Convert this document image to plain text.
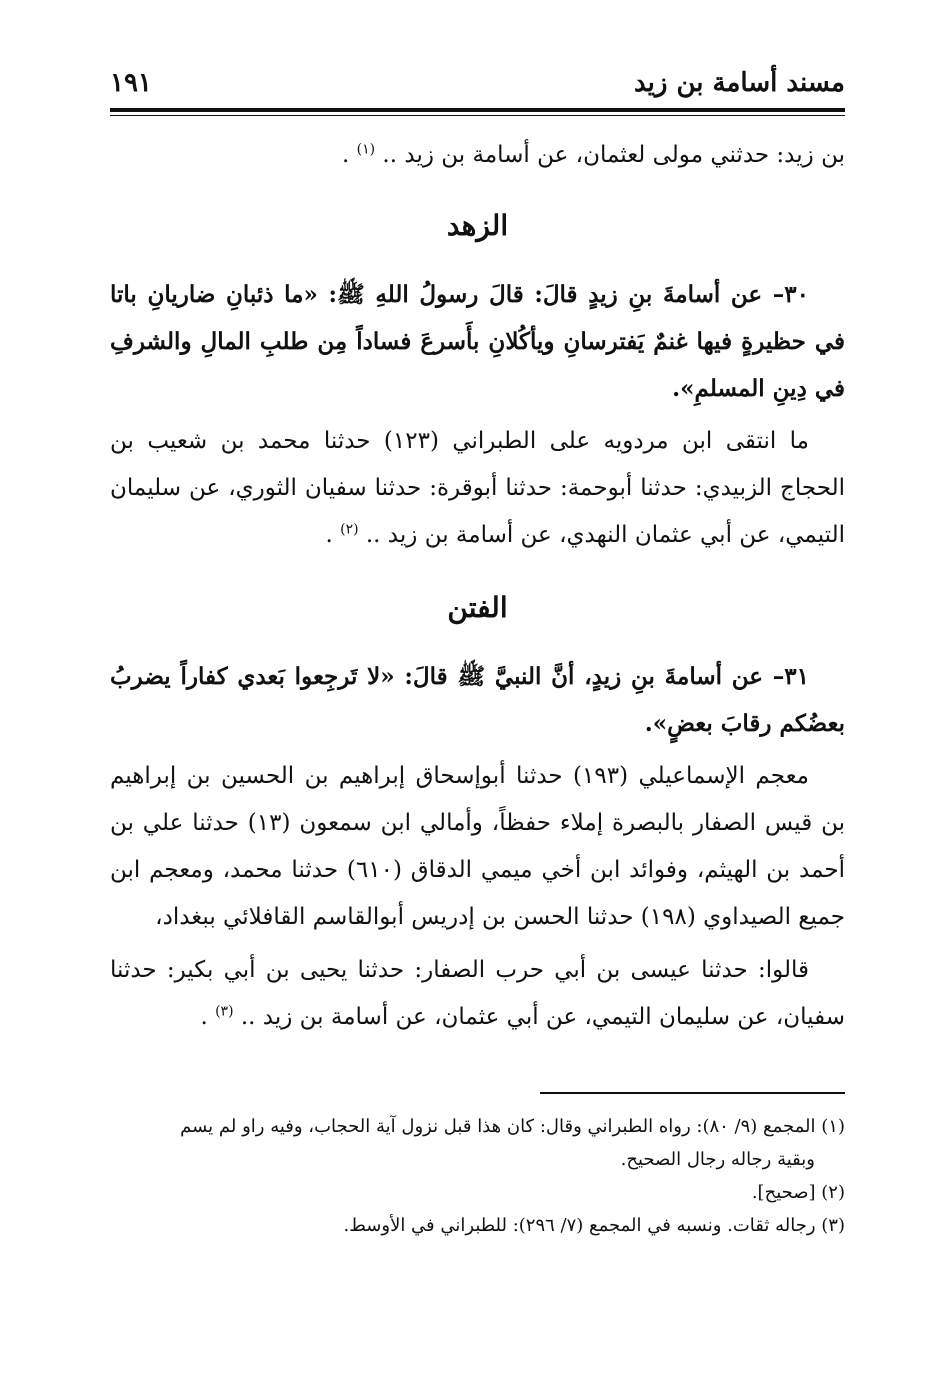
مسند أسامة بن زيد
١٩١

بن زيد: حدثني مولى لعثمان، عن أسامة بن زيد .. $^{(١)}$ .

الزهد

٣٠– عن أسامةَ بنِ زيدٍ قالَ: قالَ رسولُ اللهِ ﷺ: «ما ذئبانِ ضاريانِ باتا في حظيرةٍ فيها غنمٌ يَفترسانِ ويأكُلانِ بأَسرعَ فساداً مِن طلبِ المالِ والشرفِ في دِينِ المسلمِ».

ما انتقى ابن مردويه على الطبراني (١٢٣) حدثنا محمد بن شعيب بن الحجاج الزبيدي: حدثنا أبوحمة: حدثنا أبوقرة: حدثنا سفيان الثوري، عن سليمان التيمي، عن أبي عثمان النهدي، عن أسامة بن زيد .. $^{(٢)}$ .

الفتن

٣١– عن أسامةَ بنِ زيدٍ، أنَّ النبيَّ ﷺ قالَ: «لا تَرجِعوا بَعدي كفاراً يضربُ بعضُكم رقابَ بعضٍ».

معجم الإسماعيلي (١٩٣) حدثنا أبوإسحاق إبراهيم بن الحسين بن إبراهيم بن قيس الصفار بالبصرة إملاء حفظاً، وأمالي ابن سمعون (١٣) حدثنا علي بن أحمد بن الهيثم، وفوائد ابن أخي ميمي الدقاق (٦١٠) حدثنا محمد، ومعجم ابن جميع الصيداوي (١٩٨) حدثنا الحسن بن إدريس أبوالقاسم القافلائي ببغداد،

قالوا: حدثنا عيسى بن أبي حرب الصفار: حدثنا يحيى بن أبي بكير: حدثنا سفيان، عن سليمان التيمي، عن أبي عثمان، عن أسامة بن زيد .. $^{(٣)}$ .

(١) المجمع (٩/ ٨٠): رواه الطبراني وقال: كان هذا قبل نزول آية الحجاب، وفيه راو لم يسم

وبقية رجاله رجال الصحيح.

(٢) [صحيح].

(٣) رجاله ثقات. ونسبه في المجمع (٧/ ٢٩٦): للطبراني في الأوسط.
